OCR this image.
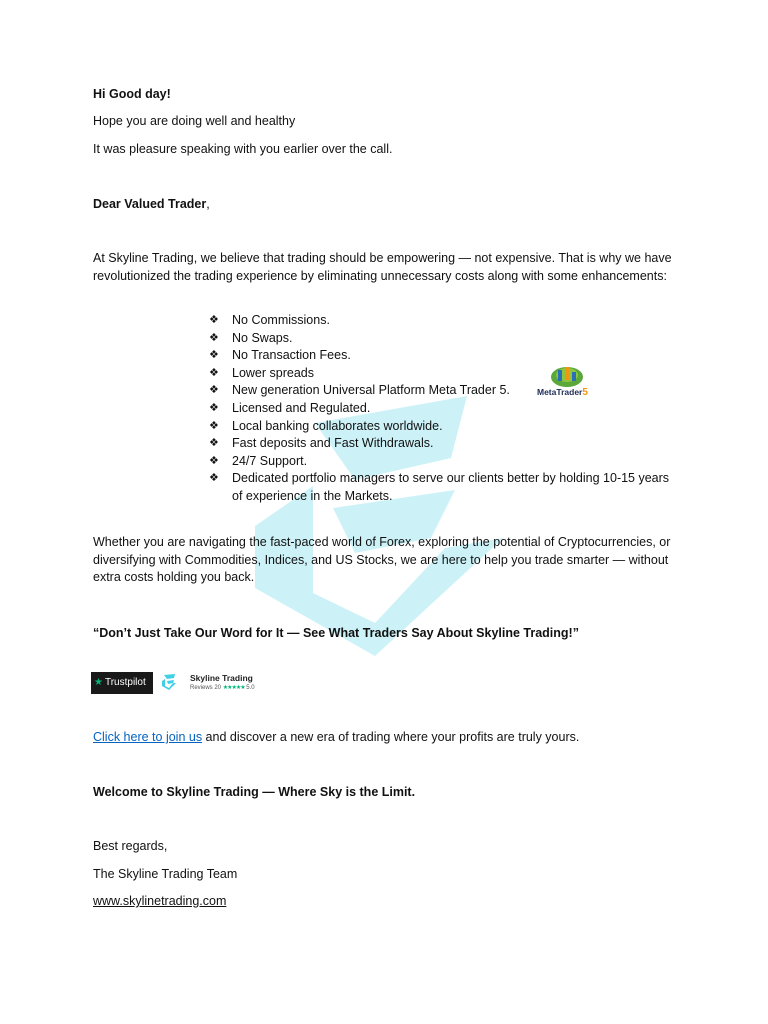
Hi Good day!

Hope you are doing well and healthy

It was pleasure speaking with you earlier over the call.

Dear Valued Trader,

At Skyline Trading, we believe that trading should be empowering — not expensive. That is why we have revolutionized the trading experience by eliminating unnecessary costs along with some enhancements:

❖ No Commissions.
❖ No Swaps.
❖ No Transaction Fees.
❖ Lower spreads
❖ New generation Universal Platform Meta Trader 5.
❖ Licensed and Regulated.
❖ Local banking collaborates worldwide.
❖ Fast deposits and Fast Withdrawals.
❖ 24/7 Support.
❖ Dedicated portfolio managers to serve our clients better by holding 10-15 years of experience in the Markets.
MetaTrader5

Whether you are navigating the fast-paced world of Forex, exploring the potential of Cryptocurrencies, or diversifying with Commodities, Indices, and US Stocks, we are here to help you trade smarter — without extra costs holding you back.

“Don’t Just Take Our Word for It — See What Traders Say About Skyline Trading!”

★ Trustpilot	Skyline Trading
Reviews 20 ★★★★★ 5.0

Click here to join us and discover a new era of trading where your profits are truly yours.

Welcome to Skyline Trading — Where Sky is the Limit.

Best regards,

The Skyline Trading Team

www.skylinetrading.com
